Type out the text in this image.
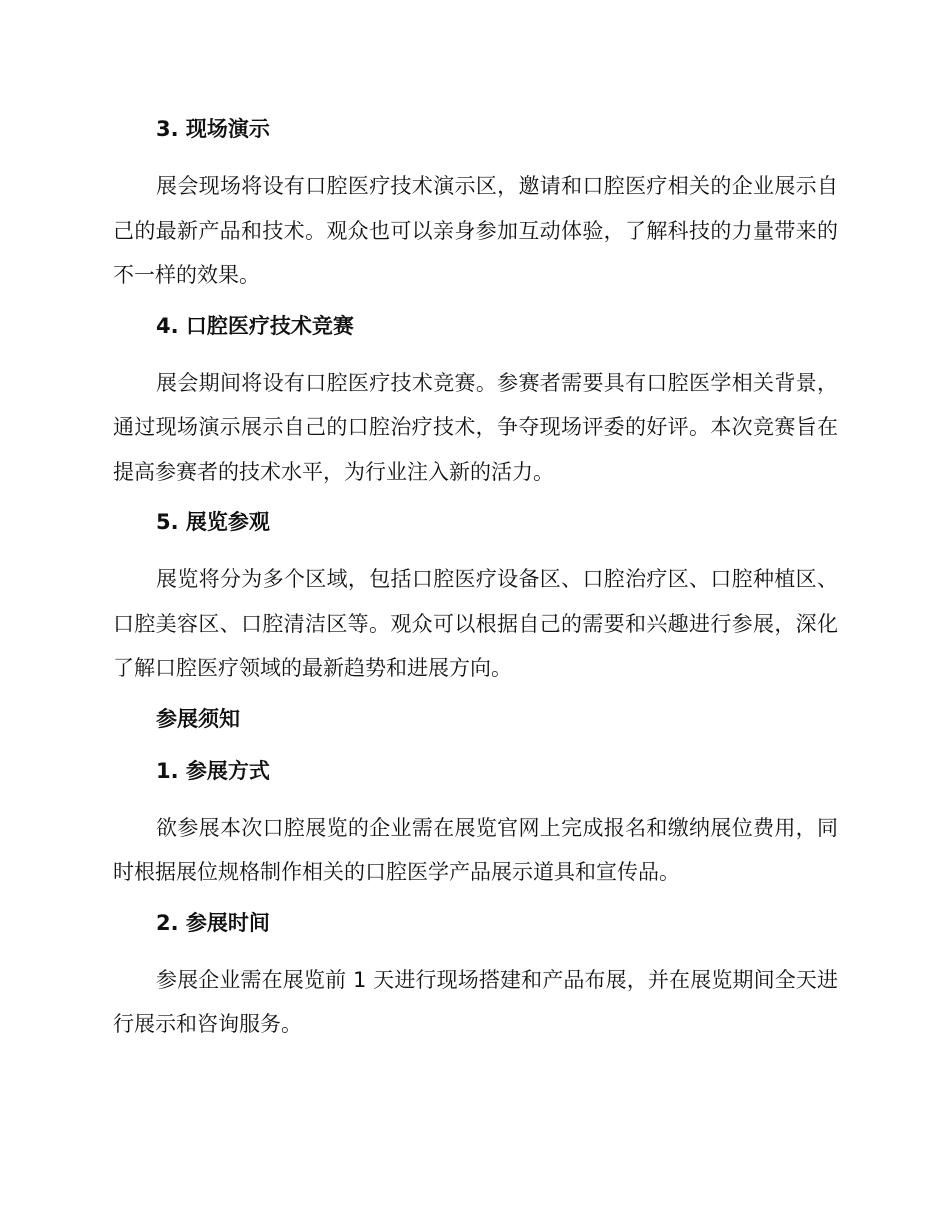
3. 现场演示
展会现场将设有口腔医疗技术演示区，邀请和口腔医疗相关的企业展示自己的最新产品和技术。观众也可以亲身参加互动体验，了解科技的力量带来的不一样的效果。
4. 口腔医疗技术竞赛
展会期间将设有口腔医疗技术竞赛。参赛者需要具有口腔医学相关背景，通过现场演示展示自己的口腔治疗技术，争夺现场评委的好评。本次竞赛旨在提高参赛者的技术水平，为行业注入新的活力。
5. 展览参观
展览将分为多个区域，包括口腔医疗设备区、口腔治疗区、口腔种植区、口腔美容区、口腔清洁区等。观众可以根据自己的需要和兴趣进行参展，深化了解口腔医疗领域的最新趋势和进展方向。
参展须知
1. 参展方式
欲参展本次口腔展览的企业需在展览官网上完成报名和缴纳展位费用，同时根据展位规格制作相关的口腔医学产品展示道具和宣传品。
2. 参展时间
参展企业需在展览前 1 天进行现场搭建和产品布展，并在展览期间全天进行展示和咨询服务。
